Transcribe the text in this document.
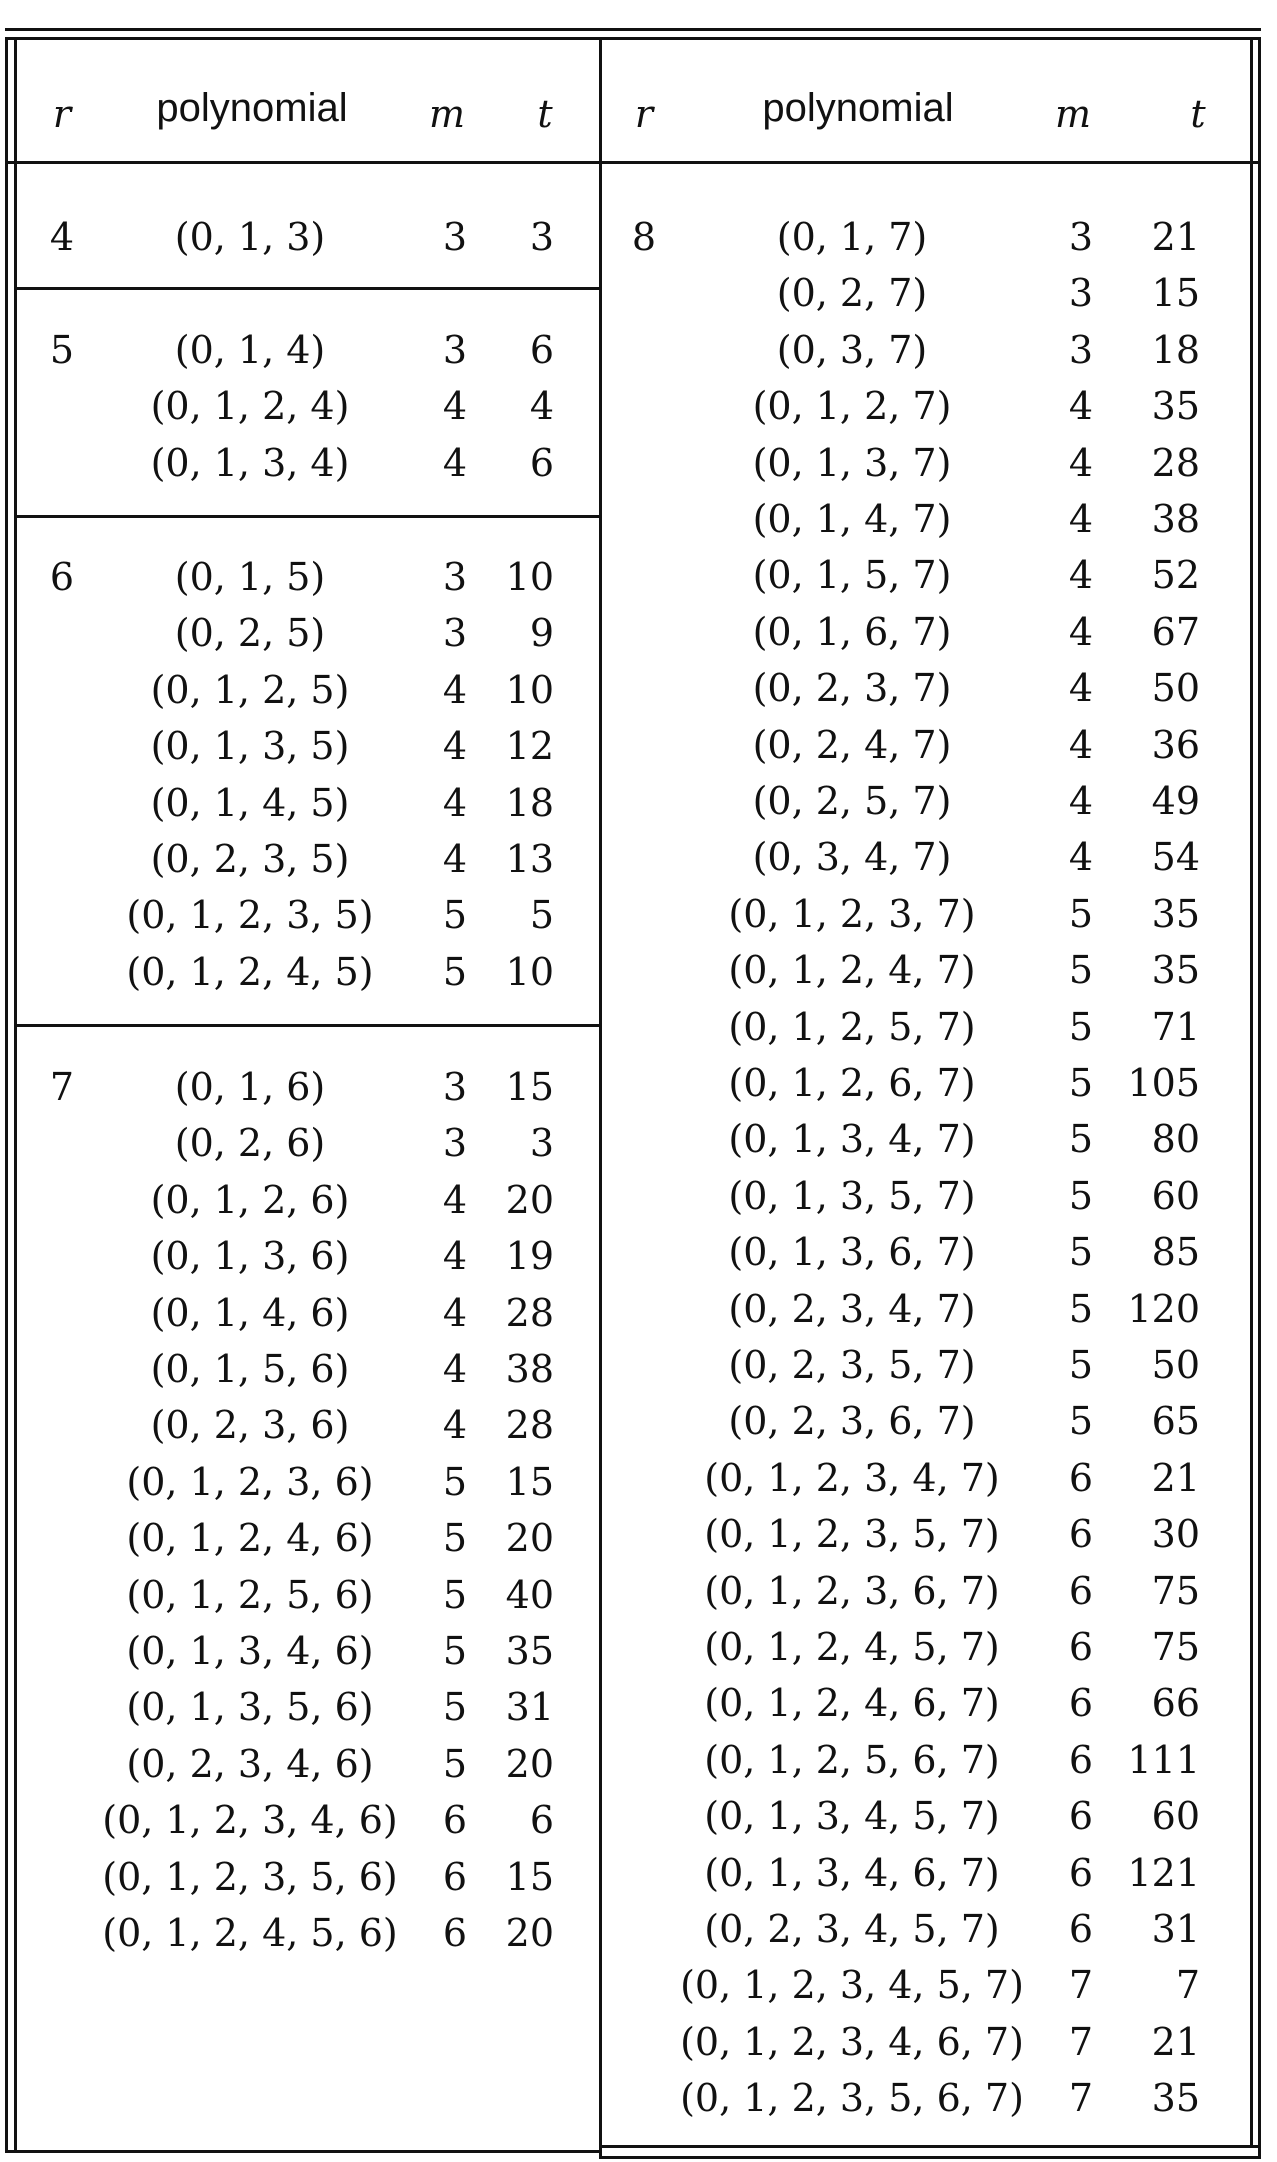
r polynomial m t r	polynomial	m	t
4	(0, 1, 3)	3 3
5	(0, 1, 4)	3 6
(0, 1, 2, 4) 4 4
(0, 1, 3, 4) 4 6
6	(0, 1, 5)	3 10
(0, 2, 5)	3 9
(0, 1, 2, 5) 4 10
(0, 1, 3, 5) 4 12
(0, 1, 4, 5) 4 18
(0, 2, 3, 5) 4 13
(0, 1, 2, 3, 5) 5 5
(0, 1, 2, 4, 5) 5 10
7	(0, 1, 6)	3 15
(0, 2, 6)	3 3
(0, 1, 2, 6) 4 20
(0, 1, 3, 6) 4 19
(0, 1, 4, 6) 4 28
(0, 1, 5, 6) 4 38
(0, 2, 3, 6) 4 28
(0, 1, 2, 3, 6) 5 15
(0, 1, 2, 4, 6) 5 20
(0, 1, 2, 5, 6) 5 40
(0, 1, 3, 4, 6) 5 35
(0, 1, 3, 5, 6) 5 31
(0, 2, 3, 4, 6) 5 20
(0, 1, 2, 3, 4, 6) 6 6
(0, 1, 2, 3, 5, 6) 6 15
(0, 1, 2, 4, 5, 6) 6 20
8	(0, 1, 7)	3 21
(0, 2, 7)	3 15
(0, 3, 7)	3 18
(0, 1, 2, 7)	4 35
(0, 1, 3, 7)	4 28
(0, 1, 4, 7)	4 38
(0, 1, 5, 7)	4 52
(0, 1, 6, 7)	4 67
(0, 2, 3, 7)	4 50
(0, 2, 4, 7)	4 36
(0, 2, 5, 7)	4 49
(0, 3, 4, 7)	4 54
(0, 1, 2, 3, 7) 5 35
(0, 1, 2, 4, 7) 5 35
(0, 1, 2, 5, 7) 5 71
(0, 1, 2, 6, 7) 5 105
(0, 1, 3, 4, 7) 5 80
(0, 1, 3, 5, 7) 5 60
(0, 1, 3, 6, 7) 5 85
(0, 2, 3, 4, 7) 5 120
(0, 2, 3, 5, 7) 5 50
(0, 2, 3, 6, 7) 5 65
(0, 1, 2, 3, 4, 7) 6 21
(0, 1, 2, 3, 5, 7) 6 30
(0, 1, 2, 3, 6, 7) 6 75
(0, 1, 2, 4, 5, 7) 6 75
(0, 1, 2, 4, 6, 7) 6 66
(0, 1, 2, 5, 6, 7) 6 111
(0, 1, 3, 4, 5, 7) 6 60
(0, 1, 3, 4, 6, 7) 6 121
(0, 2, 3, 4, 5, 7) 6 31
(0, 1, 2, 3, 4, 5, 7) 7 7
(0, 1, 2, 3, 4, 6, 7) 7 21
(0, 1, 2, 3, 5, 6, 7) 7 35
